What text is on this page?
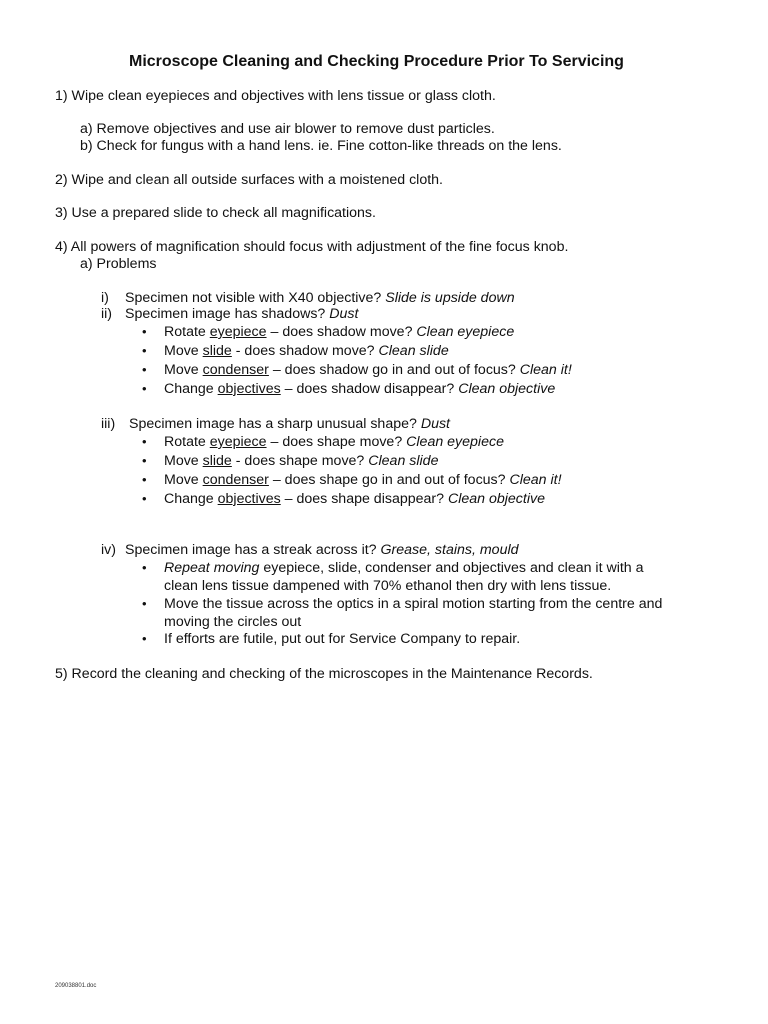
Microscope Cleaning and Checking Procedure Prior To Servicing
1) Wipe clean eyepieces and objectives with lens tissue or glass cloth.
a) Remove objectives and use air blower to remove dust particles.
b) Check for fungus with a hand lens. ie. Fine cotton-like threads on the lens.
2) Wipe and clean all outside surfaces with a moistened cloth.
3) Use a prepared slide to check all magnifications.
4) All powers of magnification should focus with adjustment of the fine focus knob.
a) Problems
i) Specimen not visible with X40 objective? Slide is upside down
ii) Specimen image has shadows? Dust
• Rotate eyepiece – does shadow move? Clean eyepiece
• Move slide - does shadow move? Clean slide
• Move condenser – does shadow go in and out of focus? Clean it!
• Change objectives – does shadow disappear? Clean objective
iii) Specimen image has a sharp unusual shape? Dust
• Rotate eyepiece – does shape move? Clean eyepiece
• Move slide - does shape move? Clean slide
• Move condenser – does shape go in and out of focus? Clean it!
• Change objectives – does shape disappear? Clean objective
iv) Specimen image has a streak across it? Grease, stains, mould
• Repeat moving eyepiece, slide, condenser and objectives and clean it with a
clean lens tissue dampened with 70% ethanol then dry with lens tissue.
• Move the tissue across the optics in a spiral motion starting from the centre and
moving the circles out
• If efforts are futile, put out for Service Company to repair.
5) Record the cleaning and checking of the microscopes in the Maintenance Records.
209038801.doc
